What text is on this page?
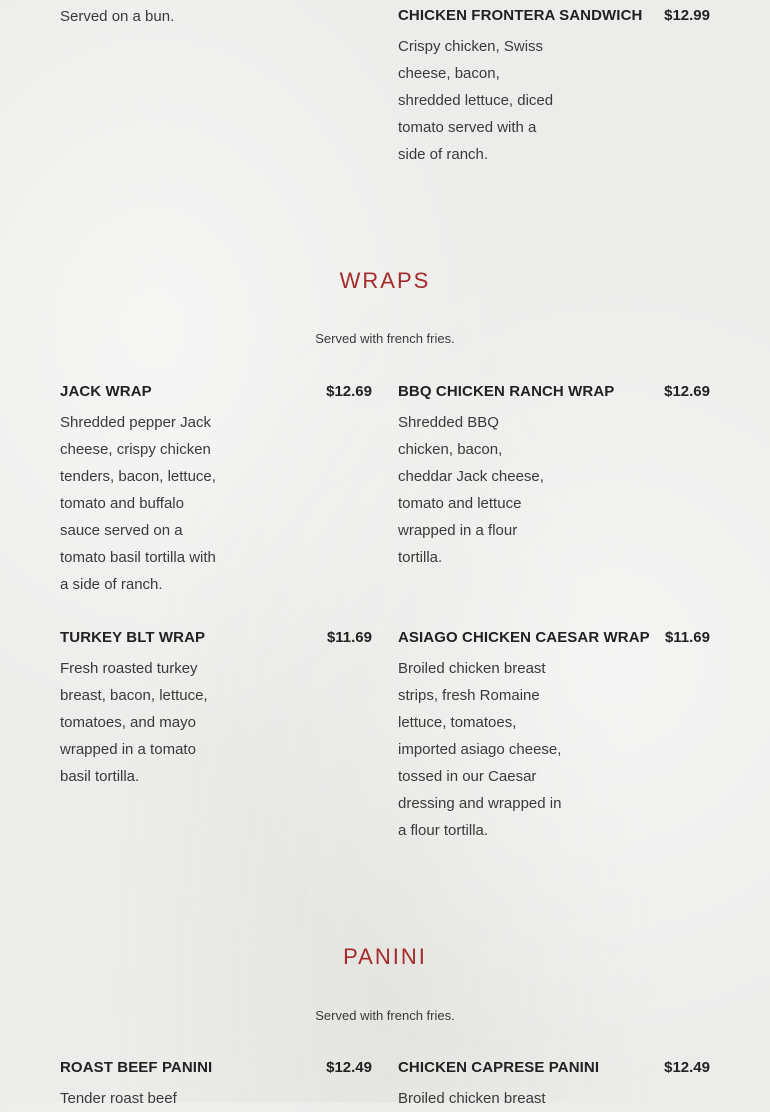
Served on a bun.	CHICKEN FRONTERA SANDWICH	$12.99
Crispy chicken, Swiss cheese, bacon, shredded lettuce, diced tomato served with a side of ranch.
WRAPS
Served with french fries.
JACK WRAP	$12.69
Shredded pepper Jack cheese, crispy chicken tenders, bacon, lettuce, tomato and buffalo sauce served on a tomato basil tortilla with a side of ranch.
BBQ CHICKEN RANCH WRAP	$12.69
Shredded BBQ chicken, bacon, cheddar Jack cheese, tomato and lettuce wrapped in a flour tortilla.
TURKEY BLT WRAP	$11.69
Fresh roasted turkey breast, bacon, lettuce, tomatoes, and mayo wrapped in a tomato basil tortilla.
ASIAGO CHICKEN CAESAR WRAP	$11.69
Broiled chicken breast strips, fresh Romaine lettuce, tomatoes, imported asiago cheese, tossed in our Caesar dressing and wrapped in a flour tortilla.
PANINI
Served with french fries.
ROAST BEEF PANINI	$12.49
Tender roast beef
CHICKEN CAPRESE PANINI	$12.49
Broiled chicken breast
